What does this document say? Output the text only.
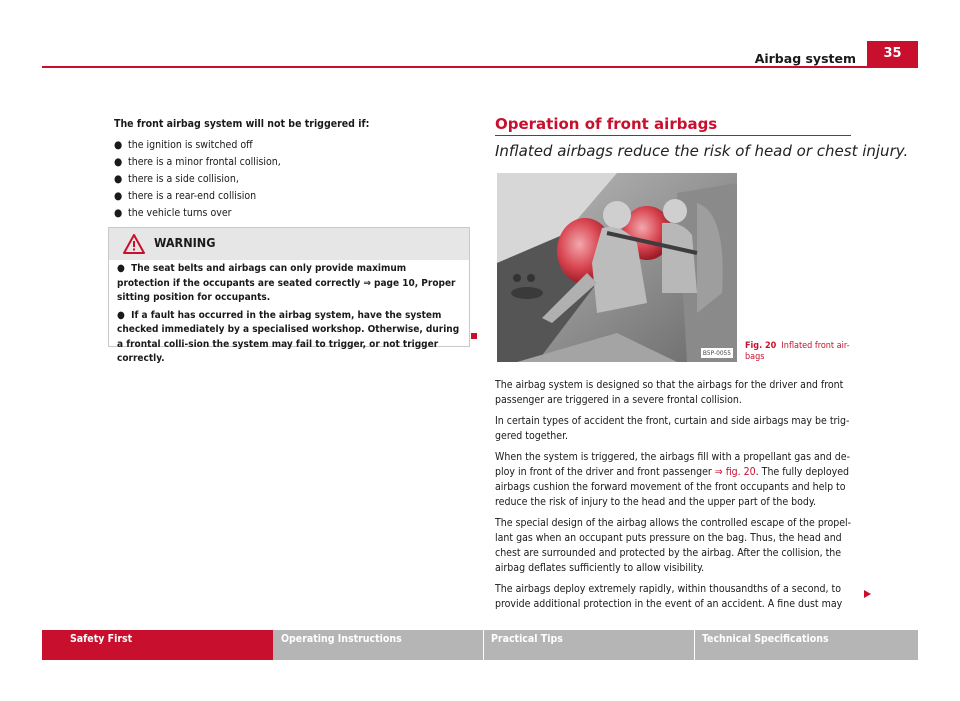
Airbag system	35

The front airbag system will not be triggered if:

● the ignition is switched off
● there is a minor frontal collision,
● there is a side collision,
● there is a rear-end collision
● the vehicle turns over
WARNING

● The seat belts and airbags can only provide maximum protection if the occupants are seated correctly ⇒ page 10, Proper sitting position for occupants.

● If a fault has occurred in the airbag system, have the system checked immediately by a specialised workshop. Otherwise, during a frontal colli-sion the system may fail to trigger, or not trigger correctly.

Operation of front airbags
Inflated airbags reduce the risk of head or chest injury.
B5P-0055
Fig. 20 Inflated front air-bags

The airbag system is designed so that the airbags for the driver and front passenger are triggered in a severe frontal collision.

In certain types of accident the front, curtain and side airbags may be trig-gered together.

When the system is triggered, the airbags fill with a propellant gas and de-ploy in front of the driver and front passenger ⇒ fig. 20. The fully deployed airbags cushion the forward movement of the front occupants and help to reduce the risk of injury to the head and the upper part of the body.

The special design of the airbag allows the controlled escape of the propel-lant gas when an occupant puts pressure on the bag. Thus, the head and chest are surrounded and protected by the airbag. After the collision, the airbag deflates sufficiently to allow visibility.

The airbags deploy extremely rapidly, within thousandths of a second, to provide additional protection in the event of an accident. A fine dust may

Safety First	Operating Instructions	Practical Tips	Technical Specifications
